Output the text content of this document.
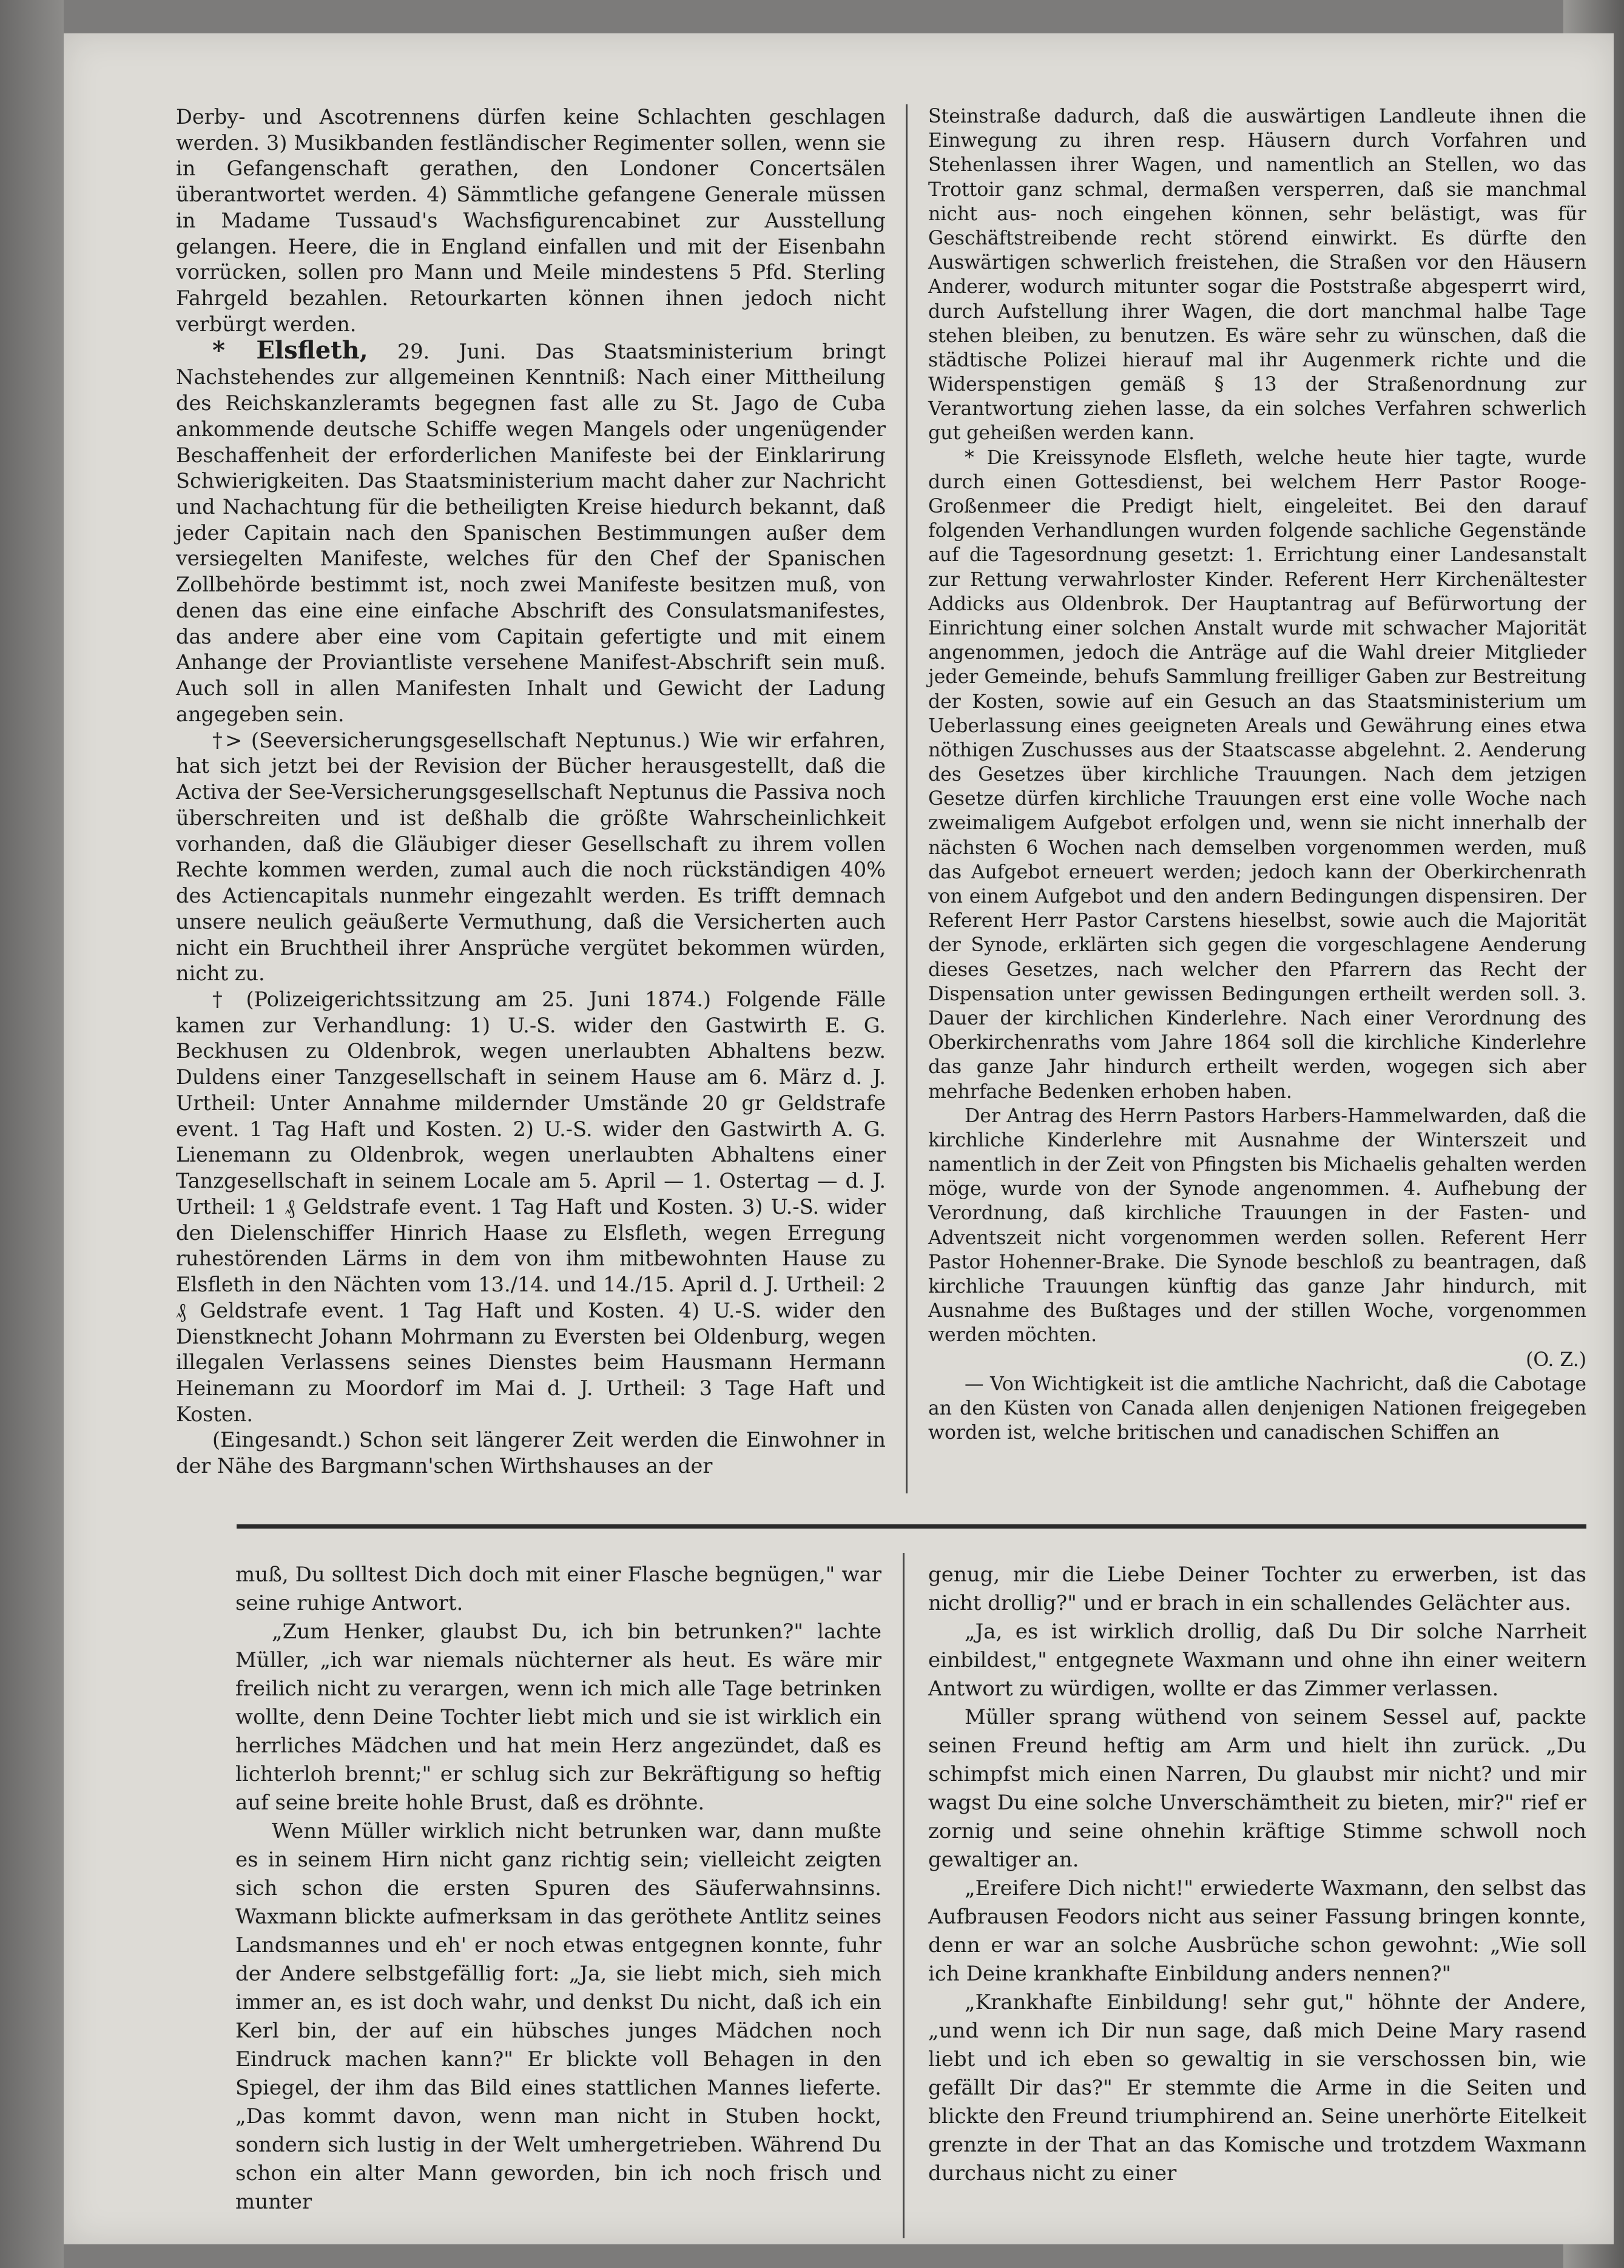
Derby- und Ascotrennens dürfen keine Schlachten geschlagen werden. 3) Musikbanden festländischer Regimenter sollen, wenn sie in Gefangenschaft gerathen, den Londoner Concertsälen überantwortet werden. 4) Sämmtliche gefangene Generale müssen in Madame Tussaud's Wachsfigurencabinet zur Ausstellung gelangen. Heere, die in England einfallen und mit der Eisenbahn vorrücken, sollen pro Mann und Meile mindestens 5 Pfd. Sterling Fahrgeld bezahlen. Retourkarten können ihnen jedoch nicht verbürgt werden.

* Elsfleth, 29. Juni. Das Staatsministerium bringt Nachstehendes zur allgemeinen Kenntniß: Nach einer Mittheilung des Reichskanzleramts begegnen fast alle zu St. Jago de Cuba ankommende deutsche Schiffe wegen Mangels oder ungenügender Beschaffenheit der erforderlichen Manifeste bei der Einklarirung Schwierigkeiten. Das Staatsministerium macht daher zur Nachricht und Nachachtung für die betheiligten Kreise hiedurch bekannt, daß jeder Capitain nach den Spanischen Bestimmungen außer dem versiegelten Manifeste, welches für den Chef der Spanischen Zollbehörde bestimmt ist, noch zwei Manifeste besitzen muß, von denen das eine eine einfache Abschrift des Consulatsmanifestes, das andere aber eine vom Capitain gefertigte und mit einem Anhange der Proviantliste versehene Manifest-Abschrift sein muß. Auch soll in allen Manifesten Inhalt und Gewicht der Ladung angegeben sein.

†> (Seeversicherungsgesellschaft Neptunus.) Wie wir erfahren, hat sich jetzt bei der Revision der Bücher herausgestellt, daß die Activa der See-Versicherungsgesellschaft Neptunus die Passiva noch überschreiten und ist deßhalb die größte Wahrscheinlichkeit vorhanden, daß die Gläubiger dieser Gesellschaft zu ihrem vollen Rechte kommen werden, zumal auch die noch rückständigen 40% des Actiencapitals nunmehr eingezahlt werden. Es trifft demnach unsere neulich geäußerte Vermuthung, daß die Versicherten auch nicht ein Bruchtheil ihrer Ansprüche vergütet bekommen würden, nicht zu.

† (Polizeigerichtssitzung am 25. Juni 1874.) Folgende Fälle kamen zur Verhandlung: 1) U.-S. wider den Gastwirth E. G. Beckhusen zu Oldenbrok, wegen unerlaubten Abhaltens bezw. Duldens einer Tanzgesellschaft in seinem Hause am 6. März d. J. Urtheil: Unter Annahme mildernder Umstände 20 gr Geldstrafe event. 1 Tag Haft und Kosten. 2) U.-S. wider den Gastwirth A. G. Lienemann zu Oldenbrok, wegen unerlaubten Abhaltens einer Tanzgesellschaft in seinem Locale am 5. April — 1. Ostertag — d. J. Urtheil: 1 ₰ Geldstrafe event. 1 Tag Haft und Kosten. 3) U.-S. wider den Dielenschiffer Hinrich Haase zu Elsfleth, wegen Erregung ruhestörenden Lärms in dem von ihm mitbewohnten Hause zu Elsfleth in den Nächten vom 13./14. und 14./15. April d. J. Urtheil: 2 ₰ Geldstrafe event. 1 Tag Haft und Kosten. 4) U.-S. wider den Dienstknecht Johann Mohrmann zu Eversten bei Oldenburg, wegen illegalen Verlassens seines Dienstes beim Hausmann Hermann Heinemann zu Moordorf im Mai d. J. Urtheil: 3 Tage Haft und Kosten.

(Eingesandt.) Schon seit längerer Zeit werden die Einwohner in der Nähe des Bargmann'schen Wirthshauses an der

Steinstraße dadurch, daß die auswärtigen Landleute ihnen die Einwegung zu ihren resp. Häusern durch Vorfahren und Stehenlassen ihrer Wagen, und namentlich an Stellen, wo das Trottoir ganz schmal, dermaßen versperren, daß sie manchmal nicht aus- noch eingehen können, sehr belästigt, was für Geschäftstreibende recht störend einwirkt. Es dürfte den Auswärtigen schwerlich freistehen, die Straßen vor den Häusern Anderer, wodurch mitunter sogar die Poststraße abgesperrt wird, durch Aufstellung ihrer Wagen, die dort manchmal halbe Tage stehen bleiben, zu benutzen. Es wäre sehr zu wünschen, daß die städtische Polizei hierauf mal ihr Augenmerk richte und die Widerspenstigen gemäß § 13 der Straßenordnung zur Verantwortung ziehen lasse, da ein solches Verfahren schwerlich gut geheißen werden kann.

* Die Kreissynode Elsfleth, welche heute hier tagte, wurde durch einen Gottesdienst, bei welchem Herr Pastor Rooge-Großenmeer die Predigt hielt, eingeleitet. Bei den darauf folgenden Verhandlungen wurden folgende sachliche Gegenstände auf die Tagesordnung gesetzt: 1. Errichtung einer Landesanstalt zur Rettung verwahrloster Kinder. Referent Herr Kirchenältester Addicks aus Oldenbrok. Der Hauptantrag auf Befürwortung der Einrichtung einer solchen Anstalt wurde mit schwacher Majorität angenommen, jedoch die Anträge auf die Wahl dreier Mitglieder jeder Gemeinde, behufs Sammlung freilliger Gaben zur Bestreitung der Kosten, sowie auf ein Gesuch an das Staatsministerium um Ueberlassung eines geeigneten Areals und Gewährung eines etwa nöthigen Zuschusses aus der Staatscasse abgelehnt. 2. Aenderung des Gesetzes über kirchliche Trauungen. Nach dem jetzigen Gesetze dürfen kirchliche Trauungen erst eine volle Woche nach zweimaligem Aufgebot erfolgen und, wenn sie nicht innerhalb der nächsten 6 Wochen nach demselben vorgenommen werden, muß das Aufgebot erneuert werden; jedoch kann der Oberkirchenrath von einem Aufgebot und den andern Bedingungen dispensiren. Der Referent Herr Pastor Carstens hieselbst, sowie auch die Majorität der Synode, erklärten sich gegen die vorgeschlagene Aenderung dieses Gesetzes, nach welcher den Pfarrern das Recht der Dispensation unter gewissen Bedingungen ertheilt werden soll. 3. Dauer der kirchlichen Kinderlehre. Nach einer Verordnung des Oberkirchenraths vom Jahre 1864 soll die kirchliche Kinderlehre das ganze Jahr hindurch ertheilt werden, wogegen sich aber mehrfache Bedenken erhoben haben.

Der Antrag des Herrn Pastors Harbers-Hammelwarden, daß die kirchliche Kinderlehre mit Ausnahme der Winterszeit und namentlich in der Zeit von Pfingsten bis Michaelis gehalten werden möge, wurde von der Synode angenommen. 4. Aufhebung der Verordnung, daß kirchliche Trauungen in der Fasten- und Adventszeit nicht vorgenommen werden sollen. Referent Herr Pastor Hohenner-Brake. Die Synode beschloß zu beantragen, daß kirchliche Trauungen künftig das ganze Jahr hindurch, mit Ausnahme des Bußtages und der stillen Woche, vorgenommen werden möchten.

(O. Z.)

— Von Wichtigkeit ist die amtliche Nachricht, daß die Cabotage an den Küsten von Canada allen denjenigen Nationen freigegeben worden ist, welche britischen und canadischen Schiffen an

muß, Du solltest Dich doch mit einer Flasche begnügen," war seine ruhige Antwort.

„Zum Henker, glaubst Du, ich bin betrunken?" lachte Müller, „ich war niemals nüchterner als heut. Es wäre mir freilich nicht zu verargen, wenn ich mich alle Tage betrinken wollte, denn Deine Tochter liebt mich und sie ist wirklich ein herrliches Mädchen und hat mein Herz angezündet, daß es lichterloh brennt;" er schlug sich zur Bekräftigung so heftig auf seine breite hohle Brust, daß es dröhnte.

Wenn Müller wirklich nicht betrunken war, dann mußte es in seinem Hirn nicht ganz richtig sein; vielleicht zeigten sich schon die ersten Spuren des Säuferwahnsinns. Waxmann blickte aufmerksam in das geröthete Antlitz seines Landsmannes und eh' er noch etwas entgegnen konnte, fuhr der Andere selbstgefällig fort: „Ja, sie liebt mich, sieh mich immer an, es ist doch wahr, und denkst Du nicht, daß ich ein Kerl bin, der auf ein hübsches junges Mädchen noch Eindruck machen kann?" Er blickte voll Behagen in den Spiegel, der ihm das Bild eines stattlichen Mannes lieferte. „Das kommt davon, wenn man nicht in Stuben hockt, sondern sich lustig in der Welt umhergetrieben. Während Du schon ein alter Mann geworden, bin ich noch frisch und munter

genug, mir die Liebe Deiner Tochter zu erwerben, ist das nicht drollig?" und er brach in ein schallendes Gelächter aus.

„Ja, es ist wirklich drollig, daß Du Dir solche Narrheit einbildest," entgegnete Waxmann und ohne ihn einer weitern Antwort zu würdigen, wollte er das Zimmer verlassen.

Müller sprang wüthend von seinem Sessel auf, packte seinen Freund heftig am Arm und hielt ihn zurück. „Du schimpfst mich einen Narren, Du glaubst mir nicht? und mir wagst Du eine solche Unverschämtheit zu bieten, mir?" rief er zornig und seine ohnehin kräftige Stimme schwoll noch gewaltiger an.

„Ereifere Dich nicht!" erwiederte Waxmann, den selbst das Aufbrausen Feodors nicht aus seiner Fassung bringen konnte, denn er war an solche Ausbrüche schon gewohnt: „Wie soll ich Deine krankhafte Einbildung anders nennen?"

„Krankhafte Einbildung! sehr gut," höhnte der Andere, „und wenn ich Dir nun sage, daß mich Deine Mary rasend liebt und ich eben so gewaltig in sie verschossen bin, wie gefällt Dir das?" Er stemmte die Arme in die Seiten und blickte den Freund triumphirend an. Seine unerhörte Eitelkeit grenzte in der That an das Komische und trotzdem Waxmann durchaus nicht zu einer
